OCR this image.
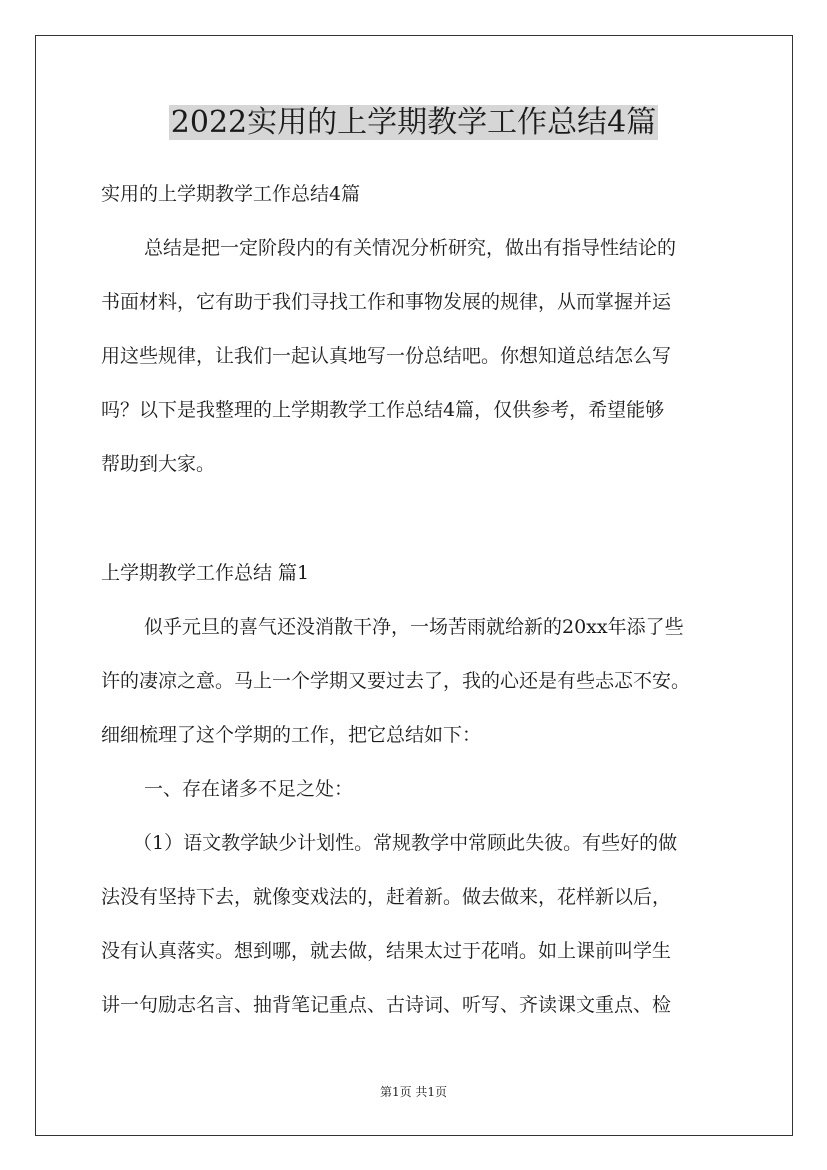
2022实用的上学期教学工作总结4篇

实用的上学期教学工作总结4篇

总结是把一定阶段内的有关情况分析研究，做出有指导性结论的

书面材料，它有助于我们寻找工作和事物发展的规律，从而掌握并运

用这些规律，让我们一起认真地写一份总结吧。你想知道总结怎么写

吗？以下是我整理的上学期教学工作总结4篇，仅供参考，希望能够

帮助到大家。

上学期教学工作总结 篇1

似乎元旦的喜气还没消散干净，一场苦雨就给新的20xx年添了些

许的凄凉之意。马上一个学期又要过去了，我的心还是有些忐忑不安。

细细梳理了这个学期的工作，把它总结如下：

一、存在诸多不足之处：

（1）语文教学缺少计划性。常规教学中常顾此失彼。有些好的做

法没有坚持下去，就像变戏法的，赶着新。做去做来，花样新以后，

没有认真落实。想到哪，就去做，结果太过于花哨。如上课前叫学生

讲一句励志名言、抽背笔记重点、古诗词、听写、齐读课文重点、检

第1页 共1页
